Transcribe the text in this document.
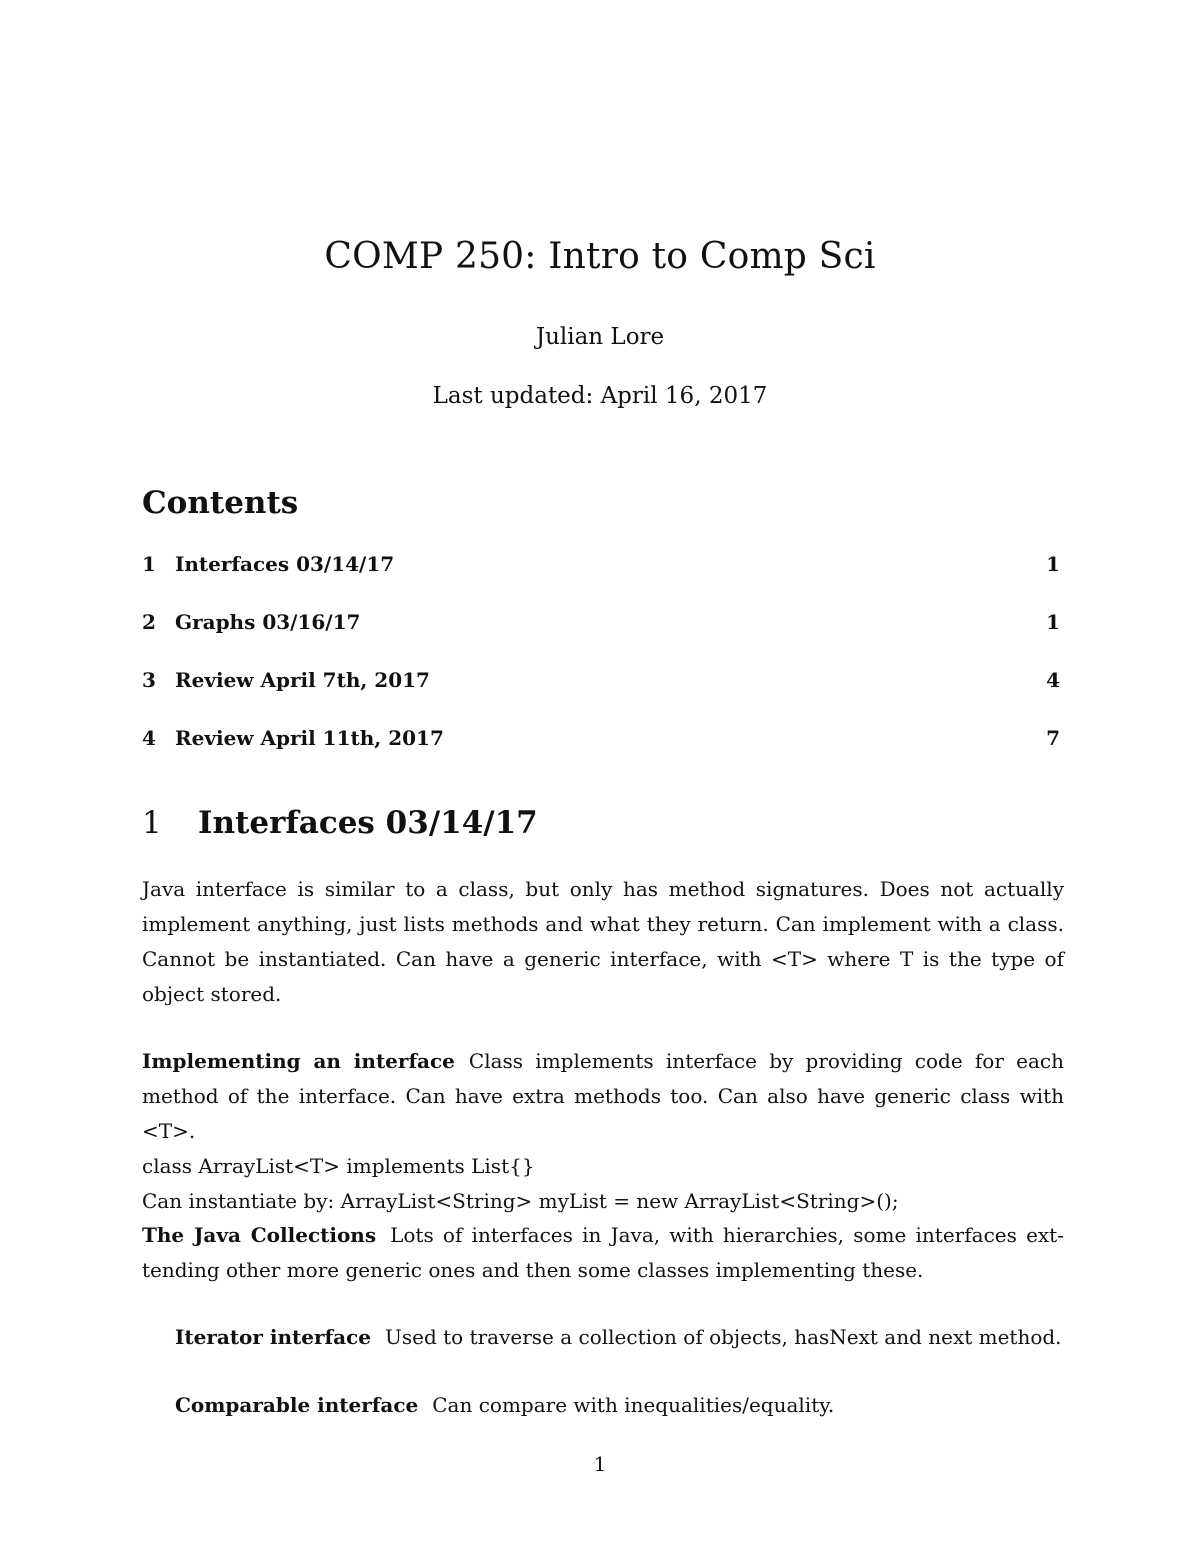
COMP 250: Intro to Comp Sci
Julian Lore
Last updated: April 16, 2017
Contents
1 Interfaces 03/14/17	1
2 Graphs 03/16/17	1
3 Review April 7th, 2017	4
4 Review April 11th, 2017	7
1 Interfaces 03/14/17
Java interface is similar to a class, but only has method signatures. Does not actually implement anything, just lists methods and what they return. Can implement with a class. Cannot be instantiated. Can have a generic interface, with <T> where T is the type of object stored.
Implementing an interface Class implements interface by providing code for each method of the interface. Can have extra methods too. Can also have generic class with <T>.
class ArrayList<T> implements List{}
Can instantiate by: ArrayList<String> myList = new ArrayList<String>();
The Java Collections Lots of interfaces in Java, with hierarchies, some interfaces ext- tending other more generic ones and then some classes implementing these.
Iterator interface Used to traverse a collection of objects, hasNext and next method.
Comparable interface Can compare with inequalities/equality.
1
